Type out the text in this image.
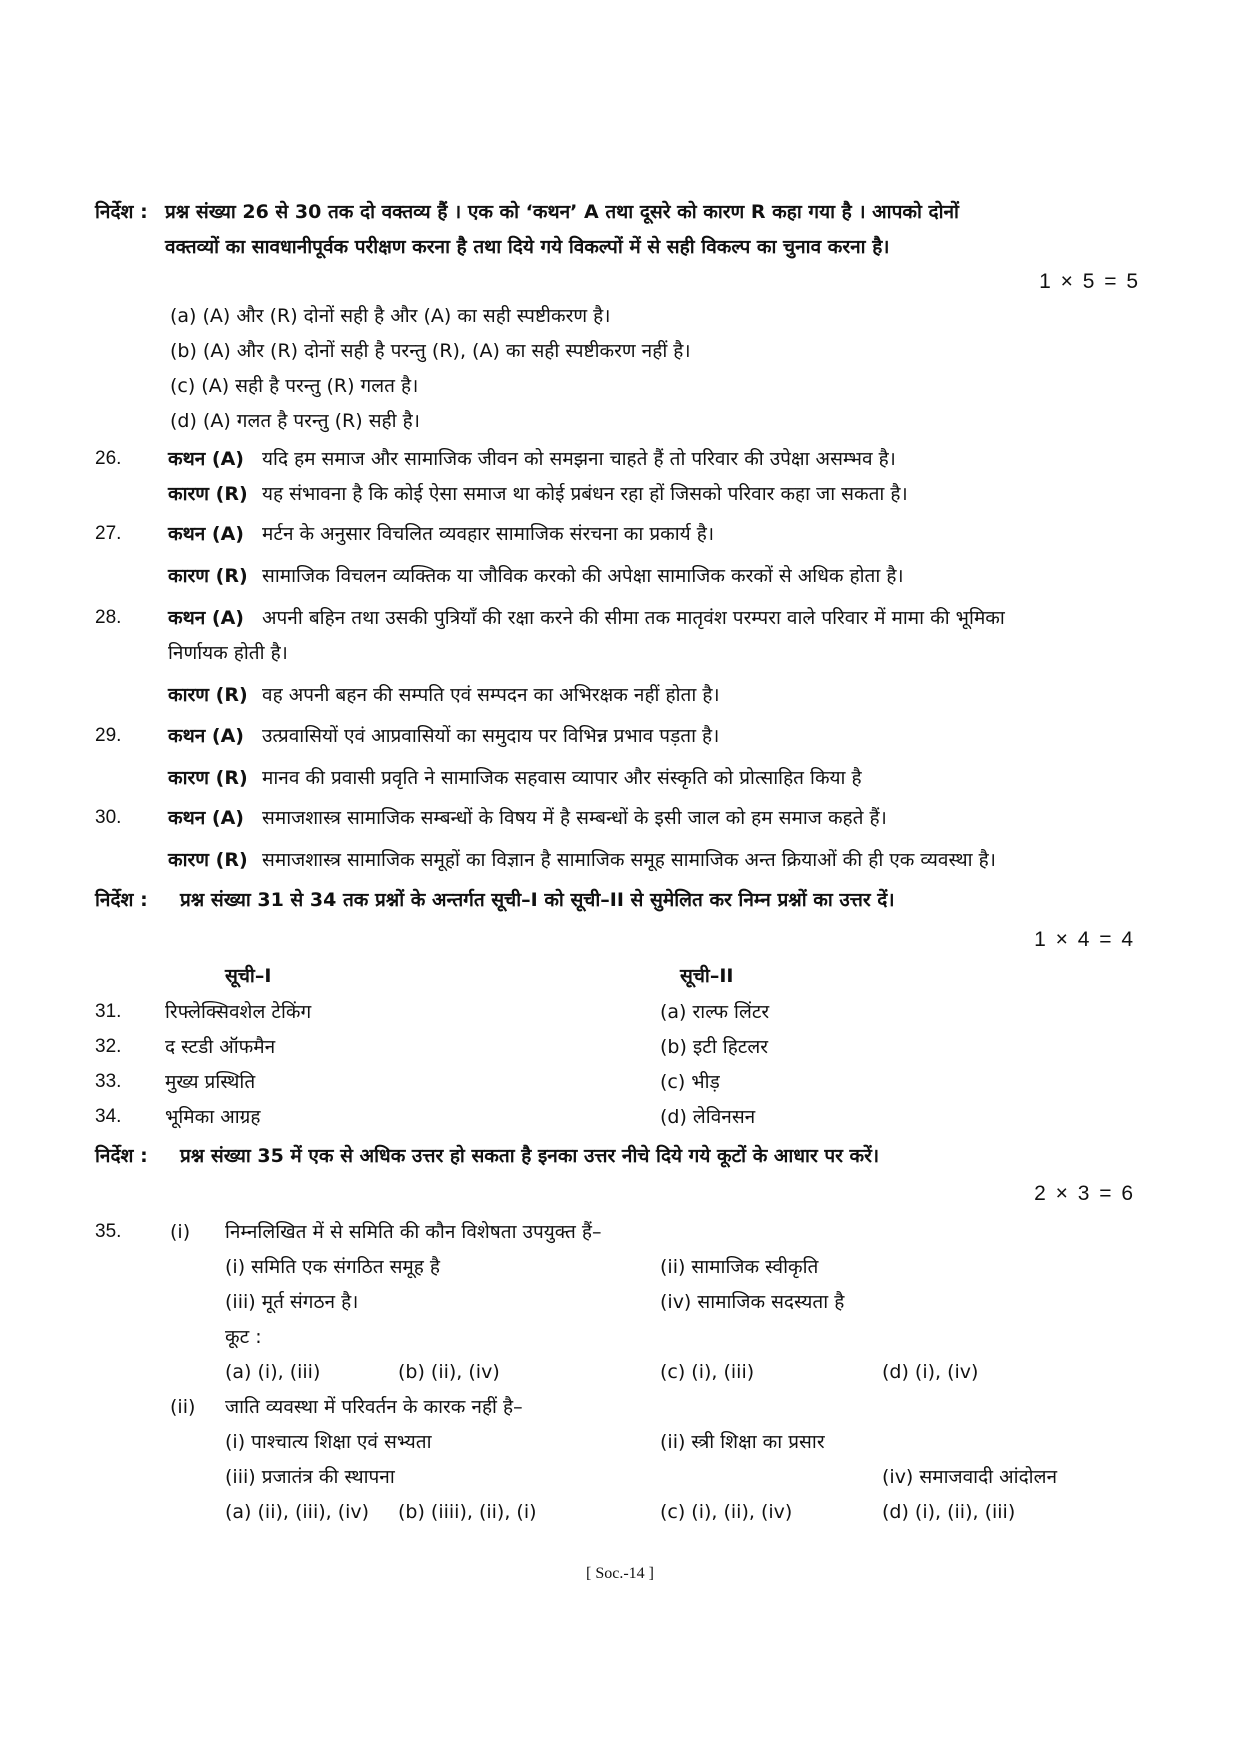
निर्देश : प्रश्न संख्या 26 से 30 तक दो वक्तव्य हैं । एक को ‘कथन’ A तथा दूसरे को कारण R कहा गया है । आपको दोनों
वक्तव्यों का सावधानीपूर्वक परीक्षण करना है तथा दिये गये विकल्पों में से सही विकल्प का चुनाव करना है।
1 × 5 = 5
(a) (A) और (R) दोनों सही है और (A) का सही स्पष्टीकरण है।
(b) (A) और (R) दोनों सही है परन्तु (R), (A) का सही स्पष्टीकरण नहीं है।
(c) (A) सही है परन्तु (R) गलत है।
(d) (A) गलत है परन्तु (R) सही है।
26. कथन (A) यदि हम समाज और सामाजिक जीवन को समझना चाहते हैं तो परिवार की उपेक्षा असम्भव है।
कारण (R) यह संभावना है कि कोई ऐसा समाज था कोई प्रबंधन रहा हों जिसको परिवार कहा जा सकता है।
27. कथन (A) मर्टन के अनुसार विचलित व्यवहार सामाजिक संरचना का प्रकार्य है।
कारण (R) सामाजिक विचलन व्यक्तिक या जौविक करको की अपेक्षा सामाजिक करकों से अधिक होता है।
28. कथन (A) अपनी बहिन तथा उसकी पुत्रियाँ की रक्षा करने की सीमा तक मातृवंश परम्परा वाले परिवार में मामा की भूमिका
निर्णायक होती है।
कारण (R) वह अपनी बहन की सम्पति एवं सम्पदन का अभिरक्षक नहीं होता है।
29. कथन (A) उत्प्रवासियों एवं आप्रवासियों का समुदाय पर विभिन्न प्रभाव पड़ता है।
कारण (R) मानव की प्रवासी प्रवृति ने सामाजिक सहवास व्यापार और संस्कृति को प्रोत्साहित किया है
30. कथन (A) समाजशास्त्र सामाजिक सम्बन्धों के विषय में है सम्बन्धों के इसी जाल को हम समाज कहते हैं।
कारण (R) समाजशास्त्र सामाजिक समूहों का विज्ञान है सामाजिक समूह सामाजिक अन्त क्रियाओं की ही एक व्यवस्था है।
निर्देश : प्रश्न संख्या 31 से 34 तक प्रश्नों के अन्तर्गत सूची–I को सूची–II से सुमेलित कर निम्न प्रश्नों का उत्तर दें।
1 × 4 = 4
सूची–I	सूची–II
31. रिफ्लेक्सिवशेल टेकिंग	(a) राल्फ लिंटर
32. द स्टडी ऑफमैन	(b) इटी हिटलर
33. मुख्य प्रस्थिति	(c) भीड़
34. भूमिका आग्रह	(d) लेविनसन
निर्देश : प्रश्न संख्या 35 में एक से अधिक उत्तर हो सकता है इनका उत्तर नीचे दिये गये कूटों के आधार पर करें।
2 × 3 = 6
35.	(i) निम्नलिखित में से समिति की कौन विशेषता उपयुक्त हैं–
(i) समिति एक संगठित समूह है	(ii) सामाजिक स्वीकृति
(iii) मूर्त संगठन है।	(iv) सामाजिक सदस्यता है
कूट :
(a) (i), (iii)	(b) (ii), (iv)	(c) (i), (iii)	(d) (i), (iv)
(ii) जाति व्यवस्था में परिवर्तन के कारक नहीं है–
(i) पाश्चात्य शिक्षा एवं सभ्यता	(ii) स्त्री शिक्षा का प्रसार
(iii) प्रजातंत्र की स्थापना	(iv) समाजवादी आंदोलन
(a) (ii), (iii), (iv) (b) (iiii), (ii), (i)	(c) (i), (ii), (iv)	(d) (i), (ii), (iii)
[ Soc.-14 ]
